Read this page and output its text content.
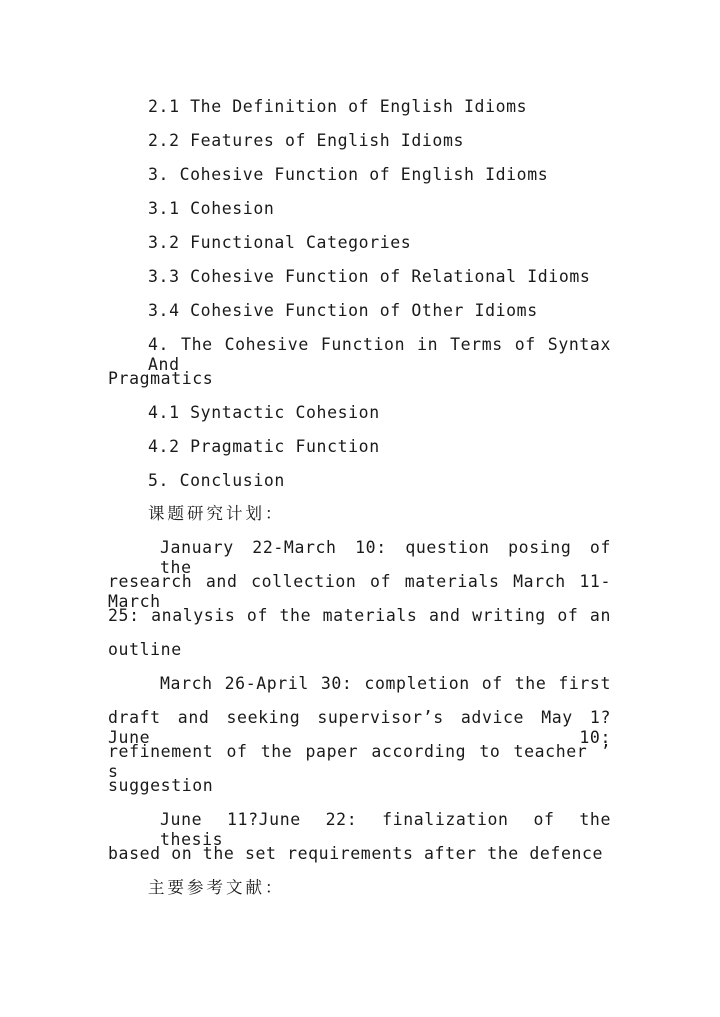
2.1 The Definition of English Idioms
2.2 Features of English Idioms
3. Cohesive Function of English Idioms
3.1 Cohesion
3.2 Functional Categories
3.3 Cohesive Function of Relational Idioms
3.4 Cohesive Function of Other Idioms
4. The Cohesive Function in Terms of Syntax And
Pragmatics
4.1 Syntactic Cohesion
4.2 Pragmatic Function
5. Conclusion
课题研究计划：
January 22-March 10: question posing of the
research and collection of materials March 11-March
25: analysis of the materials and writing of an
outline
March 26-April 30: completion of the first
draft and seeking supervisor’s advice May 1?June 10:
refinement of the paper according to teacher ’ s
suggestion
June 11?June 22: finalization of the thesis
based on the set requirements after the defence
主要参考文献：
